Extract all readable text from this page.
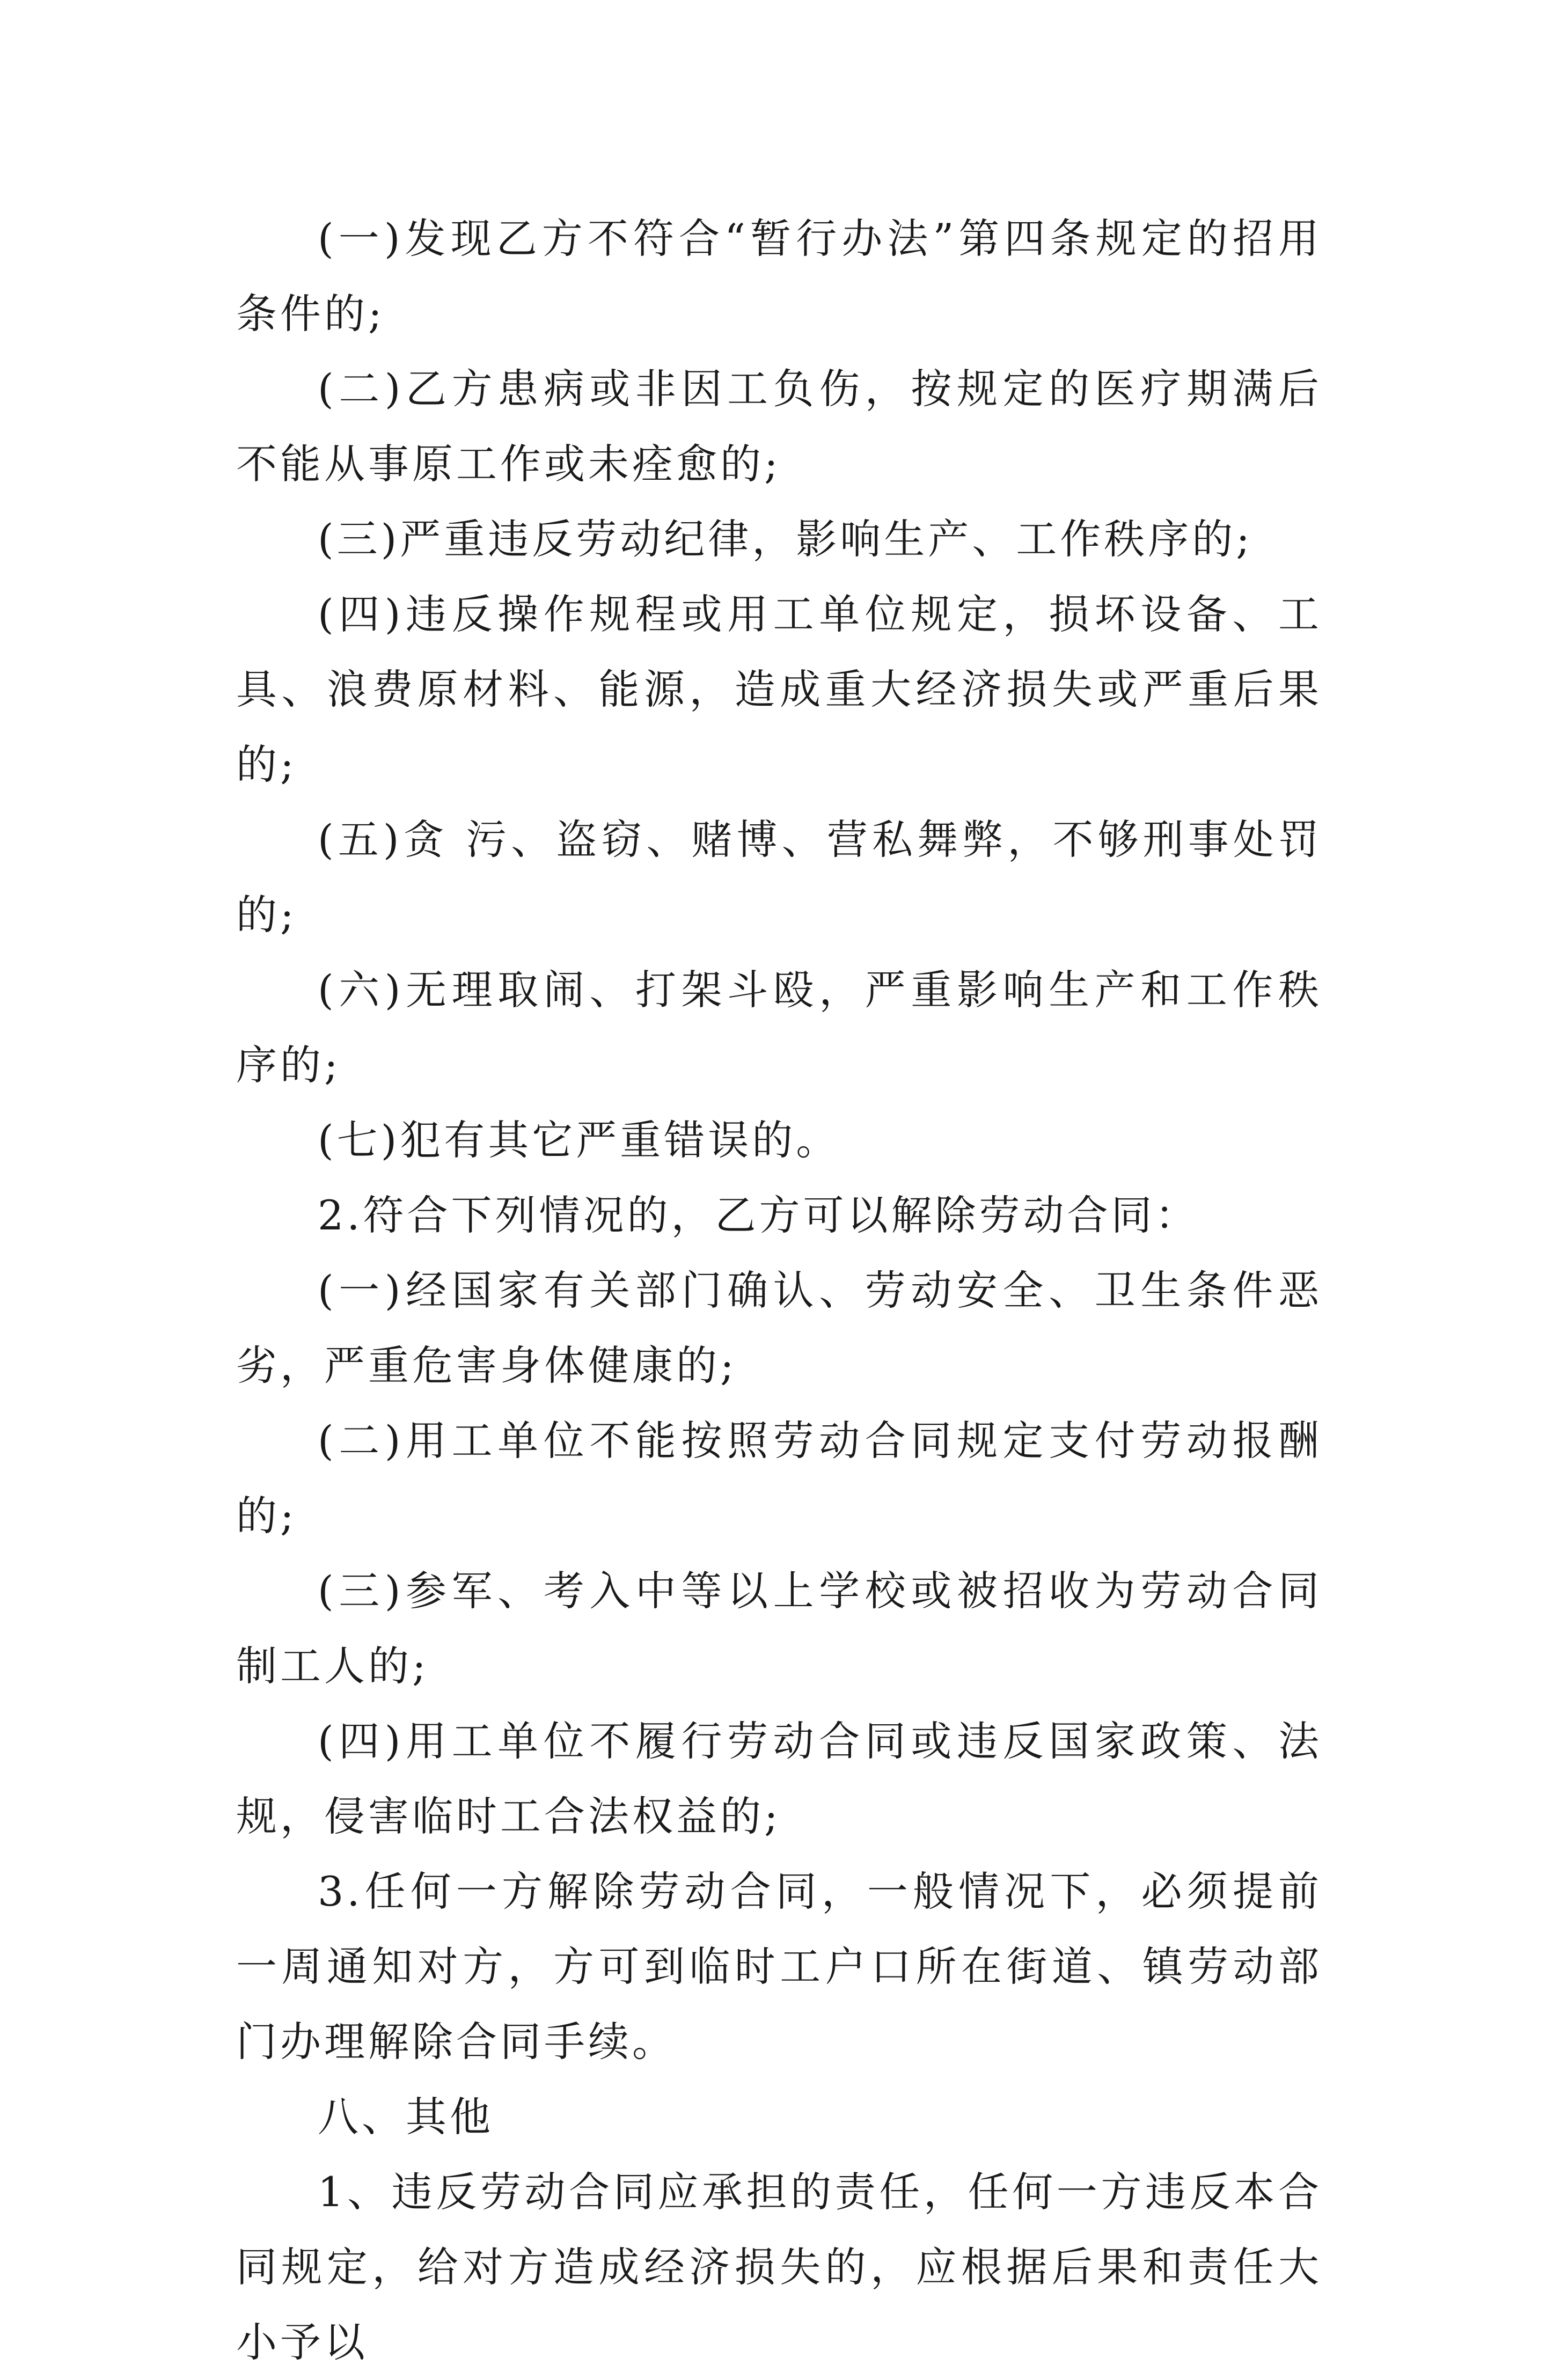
(一)发现乙方不符合“暂行办法”第四条规定的招用条件的;

(二)乙方患病或非因工负伤，按规定的医疗期满后不能从事原工作或未痊愈的;

(三)严重违反劳动纪律，影响生产、工作秩序的;

(四)违反操作规程或用工单位规定，损坏设备、工具、浪费原材料、能源，造成重大经济损失或严重后果的;

(五)贪 污、盗窃、赌博、营私舞弊，不够刑事处罚的;

(六)无理取闹、打架斗殴，严重影响生产和工作秩序的;

(七)犯有其它严重错误的。

2.符合下列情况的，乙方可以解除劳动合同：

(一)经国家有关部门确认、劳动安全、卫生条件恶劣，严重危害身体健康的;

(二)用工单位不能按照劳动合同规定支付劳动报酬的;

(三)参军、考入中等以上学校或被招收为劳动合同制工人的;

(四)用工单位不履行劳动合同或违反国家政策、法规，侵害临时工合法权益的;

3.任何一方解除劳动合同，一般情况下，必须提前一周通知对方，方可到临时工户口所在街道、镇劳动部门办理解除合同手续。

八、其他

1、违反劳动合同应承担的责任，任何一方违反本合同规定，给对方造成经济损失的，应根据后果和责任大小予以
